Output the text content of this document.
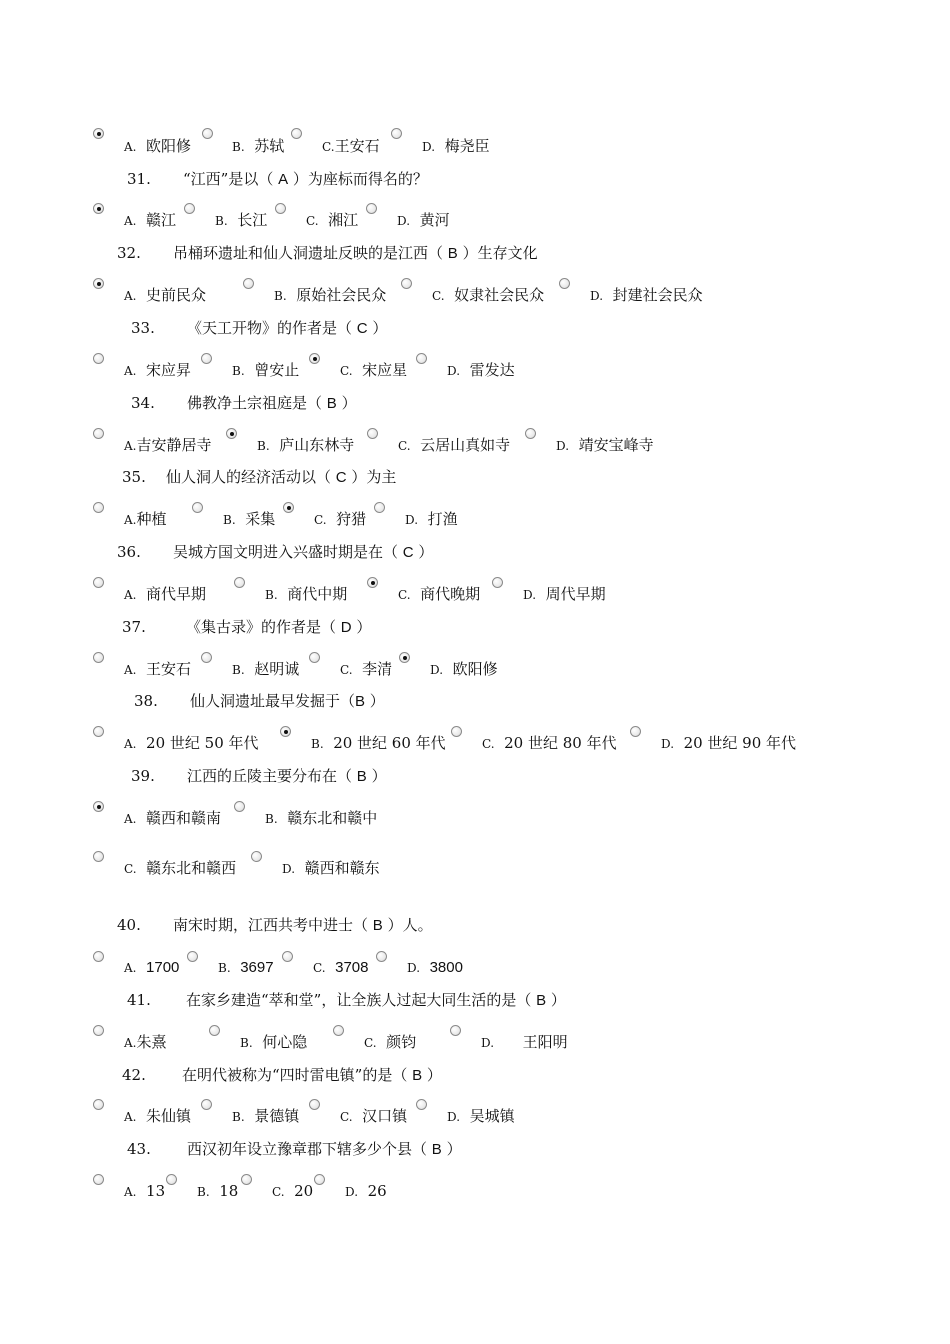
A. 欧阳修	B. 苏轼	C.王安石	D. 梅尧臣
31. “江西”是以（ A ）为座标而得名的？
A. 赣江	B. 长江	C. 湘江	D. 黄河
32. 吊桶环遗址和仙人洞遗址反映的是江西（ B ）生存文化
A. 史前民众	B. 原始社会民众	C. 奴隶社会民众	D. 封建社会民众
33. 《天工开物》的作者是（ C ）
A. 宋应昇	B. 曾安止	C. 宋应星	D. 雷发达
34. 佛教净土宗祖庭是（ B ）
A.吉安静居寺	B. 庐山东林寺	C. 云居山真如寺	D. 靖安宝峰寺
35. 仙人洞人的经济活动以（ C ）为主
A.种植	B. 采集	C. 狩猎	D. 打渔
36. 吴城方国文明进入兴盛时期是在（ C ）
A. 商代早期	B. 商代中期	C. 商代晚期	D. 周代早期
37.	《集古录》的作者是（ D ）
A. 王安石	B. 赵明诚	C. 李清	D. 欧阳修
38. 仙人洞遗址最早发掘于（B ）
A. 20 世纪 50 年代	B. 20 世纪 60 年代	C. 20 世纪 80 年代	D. 20 世纪 90 年代
39. 江西的丘陵主要分布在（ B ）
A. 赣西和赣南	B. 赣东北和赣中
C. 赣东北和赣西	D. 赣西和赣东
40. 南宋时期，江西共考中进士（ B ）人。
A. 1700	B. 3697	C. 3708	D. 3800
41. 在家乡建造“萃和堂”，让全族人过起大同生活的是（ B ）
A.朱熹	B. 何心隐	C. 颜钧	D. 王阳明
42. 在明代被称为“四时雷电镇”的是（ B ）
A. 朱仙镇	B. 景德镇	C. 汉口镇	D. 吴城镇
43. 西汉初年设立豫章郡下辖多少个县（ B ）
A. 13	B. 18	C. 20	D. 26
